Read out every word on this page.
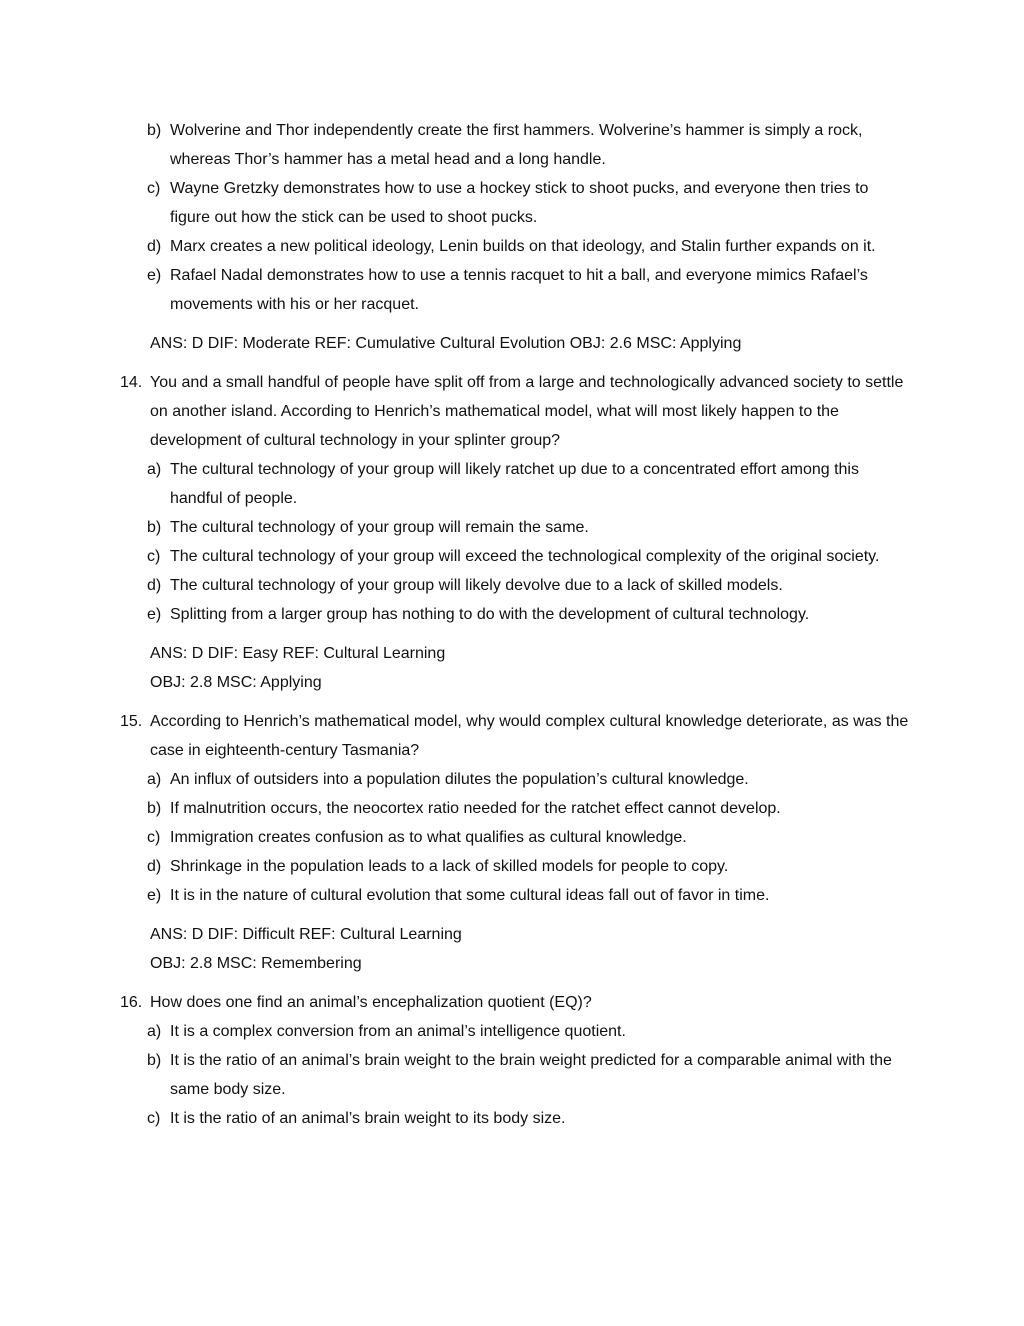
b) Wolverine and Thor independently create the first hammers. Wolverine’s hammer is simply a rock, whereas Thor’s hammer has a metal head and a long handle.
c) Wayne Gretzky demonstrates how to use a hockey stick to shoot pucks, and everyone then tries to figure out how the stick can be used to shoot pucks.
d) Marx creates a new political ideology, Lenin builds on that ideology, and Stalin further expands on it.
e) Rafael Nadal demonstrates how to use a tennis racquet to hit a ball, and everyone mimics Rafael’s movements with his or her racquet.
ANS: D DIF: Moderate REF: Cumulative Cultural Evolution OBJ: 2.6 MSC: Applying
14. You and a small handful of people have split off from a large and technologically advanced society to settle on another island. According to Henrich’s mathematical model, what will most likely happen to the development of cultural technology in your splinter group?
a) The cultural technology of your group will likely ratchet up due to a concentrated effort among this handful of people.
b) The cultural technology of your group will remain the same.
c) The cultural technology of your group will exceed the technological complexity of the original society.
d) The cultural technology of your group will likely devolve due to a lack of skilled models.
e) Splitting from a larger group has nothing to do with the development of cultural technology.
ANS: D DIF: Easy REF: Cultural Learning
OBJ: 2.8 MSC: Applying
15. According to Henrich’s mathematical model, why would complex cultural knowledge deteriorate, as was the case in eighteenth-century Tasmania?
a) An influx of outsiders into a population dilutes the population’s cultural knowledge.
b) If malnutrition occurs, the neocortex ratio needed for the ratchet effect cannot develop.
c) Immigration creates confusion as to what qualifies as cultural knowledge.
d) Shrinkage in the population leads to a lack of skilled models for people to copy.
e) It is in the nature of cultural evolution that some cultural ideas fall out of favor in time.
ANS: D DIF: Difficult REF: Cultural Learning
OBJ: 2.8 MSC: Remembering
16. How does one find an animal’s encephalization quotient (EQ)?
a) It is a complex conversion from an animal’s intelligence quotient.
b) It is the ratio of an animal’s brain weight to the brain weight predicted for a comparable animal with the same body size.
c) It is the ratio of an animal’s brain weight to its body size.
